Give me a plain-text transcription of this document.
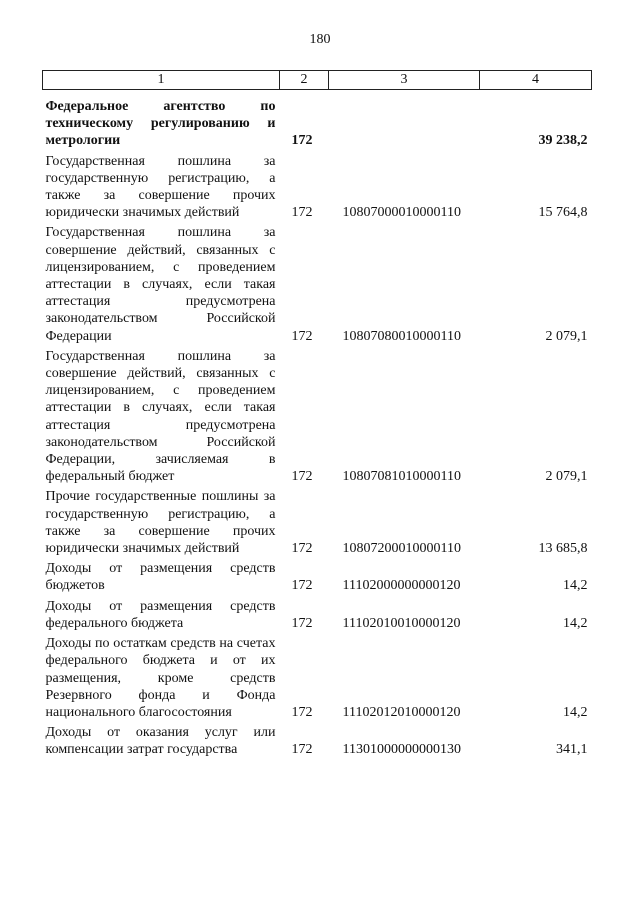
180
1	2	3	4
Федеральное агентство по техническому регулированию и метрологии	172		39 238,2
Государственная пошлина за государственную регистрацию, а также за совершение прочих юридически значимых действий	172	10807000010000110	15 764,8
Государственная пошлина за совершение действий, связанных с лицензированием, с проведением аттестации в случаях, если такая аттестация предусмотрена законодательством Российской Федерации	172	10807080010000110	2 079,1
Государственная пошлина за совершение действий, связанных с лицензированием, с проведением аттестации в случаях, если такая аттестация предусмотрена законодательством Российской Федерации, зачисляемая в федеральный бюджет	172	10807081010000110	2 079,1
Прочие государственные пошлины за государственную регистрацию, а также за совершение прочих юридически значимых действий	172	10807200010000110	13 685,8
Доходы от размещения средств бюджетов	172	11102000000000120	14,2
Доходы от размещения средств федерального бюджета	172	11102010010000120	14,2
Доходы по остаткам средств на счетах федерального бюджета и от их размещения, кроме средств Резервного фонда и Фонда национального благосостояния	172	11102012010000120	14,2
Доходы от оказания услуг или компенсации затрат государства	172	11301000000000130	341,1
